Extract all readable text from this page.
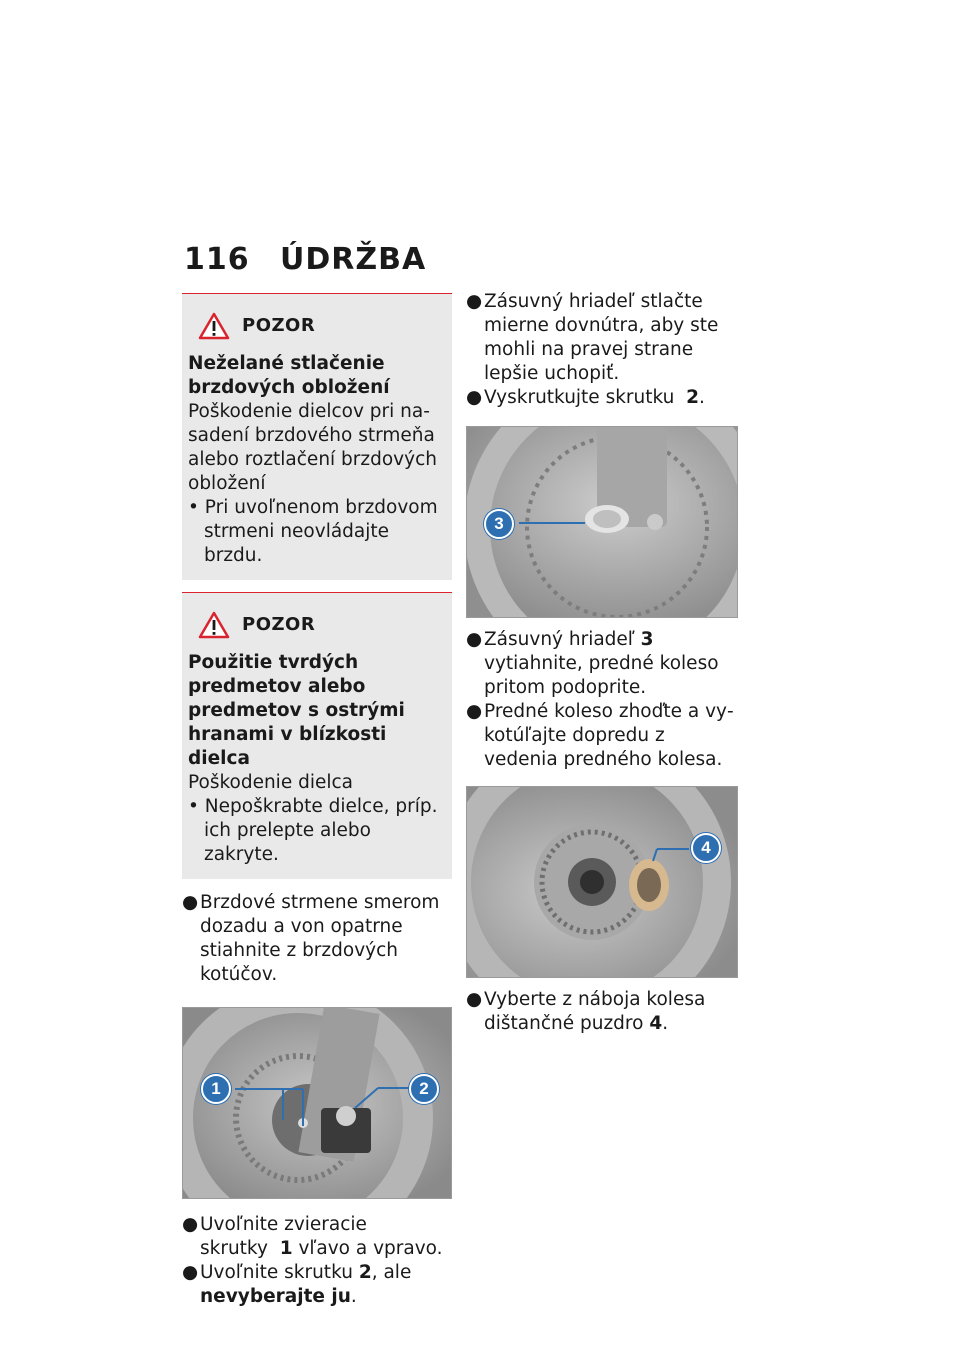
116 ÚDRŽBA
POZOR
Neželané stlačenie brzdových obložení
Poškodenie dielcov pri nasadení brzdového strmeňa alebo roztlačení brzdových obložení
• Pri uvoľnenom brzdovom strmeni neovládajte brzdu.
POZOR
Použitie tvrdých predmetov alebo predmetov s ostrými hranami v blízkosti dielca
Poškodenie dielca
• Nepoškrabte dielce, príp. ich prelepte alebo zakryte.
●Brzdové strmene smerom dozadu a von opatrne stiahnite z brzdových kotúčov.
1	2
●Uvoľnite zvieracie skrutky 1 vľavo a vpravo.
●Uvoľnite skrutku 2, ale nevyberajte ju.
●Zásuvný hriadeľ stlačte mierne dovnútra, aby ste mohli na pravej strane lepšie uchopiť.
●Vyskrutkujte skrutku 2.
3
●Zásuvný hriadeľ 3 vytiahnite, predné koleso pritom podoprite.
●Predné koleso zhoďte a vykotúľajte dopredu z vedenia predného kolesa.
4
●Vyberte z náboja kolesa dištančné puzdro 4.
